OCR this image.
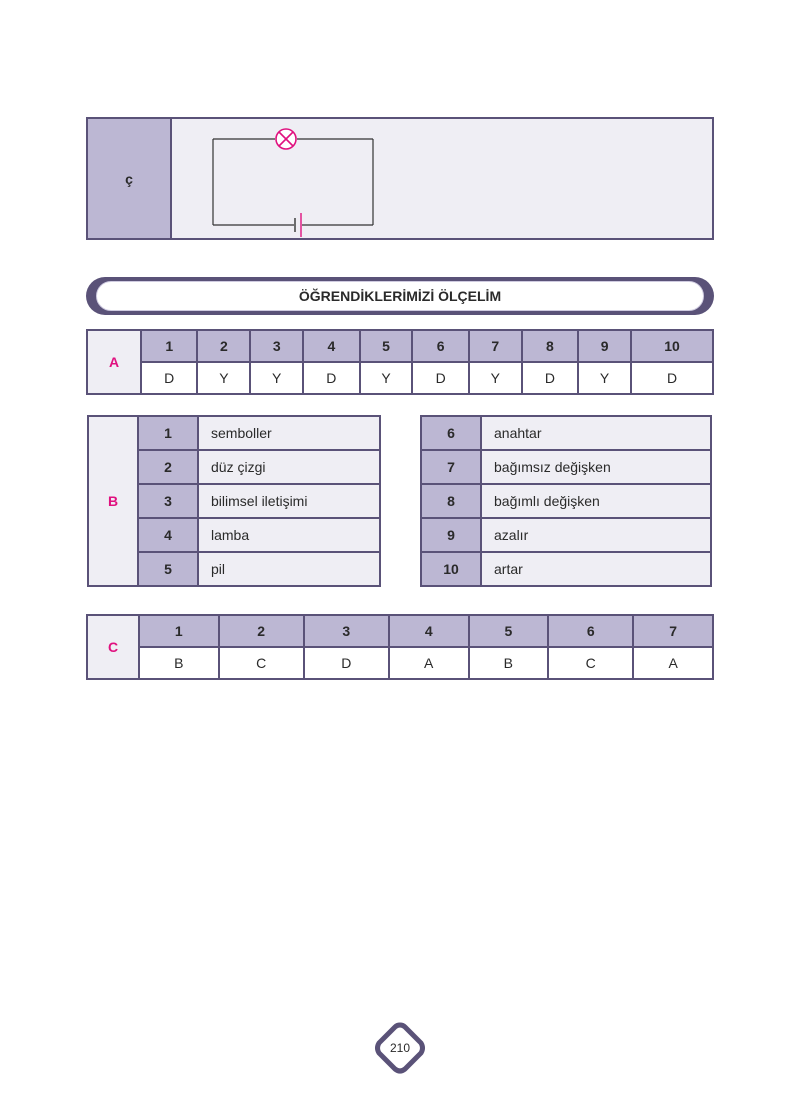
ç
ÖĞRENDİKLERİMİZİ ÖLÇELİM
A	1	2	3	4	5	6	7	8	9	10
	D	Y	Y	D	Y	D	Y	D	Y	D
B	1	semboller
	2	düz çizgi
	3	bilimsel iletişimi
	4	lamba
	5	pil
6	anahtar
7	bağımsız değişken
8	bağımlı değişken
9	azalır
10	artar
C	1	2	3	4	5	6	7
	B	C	D	A	B	C	A
210
